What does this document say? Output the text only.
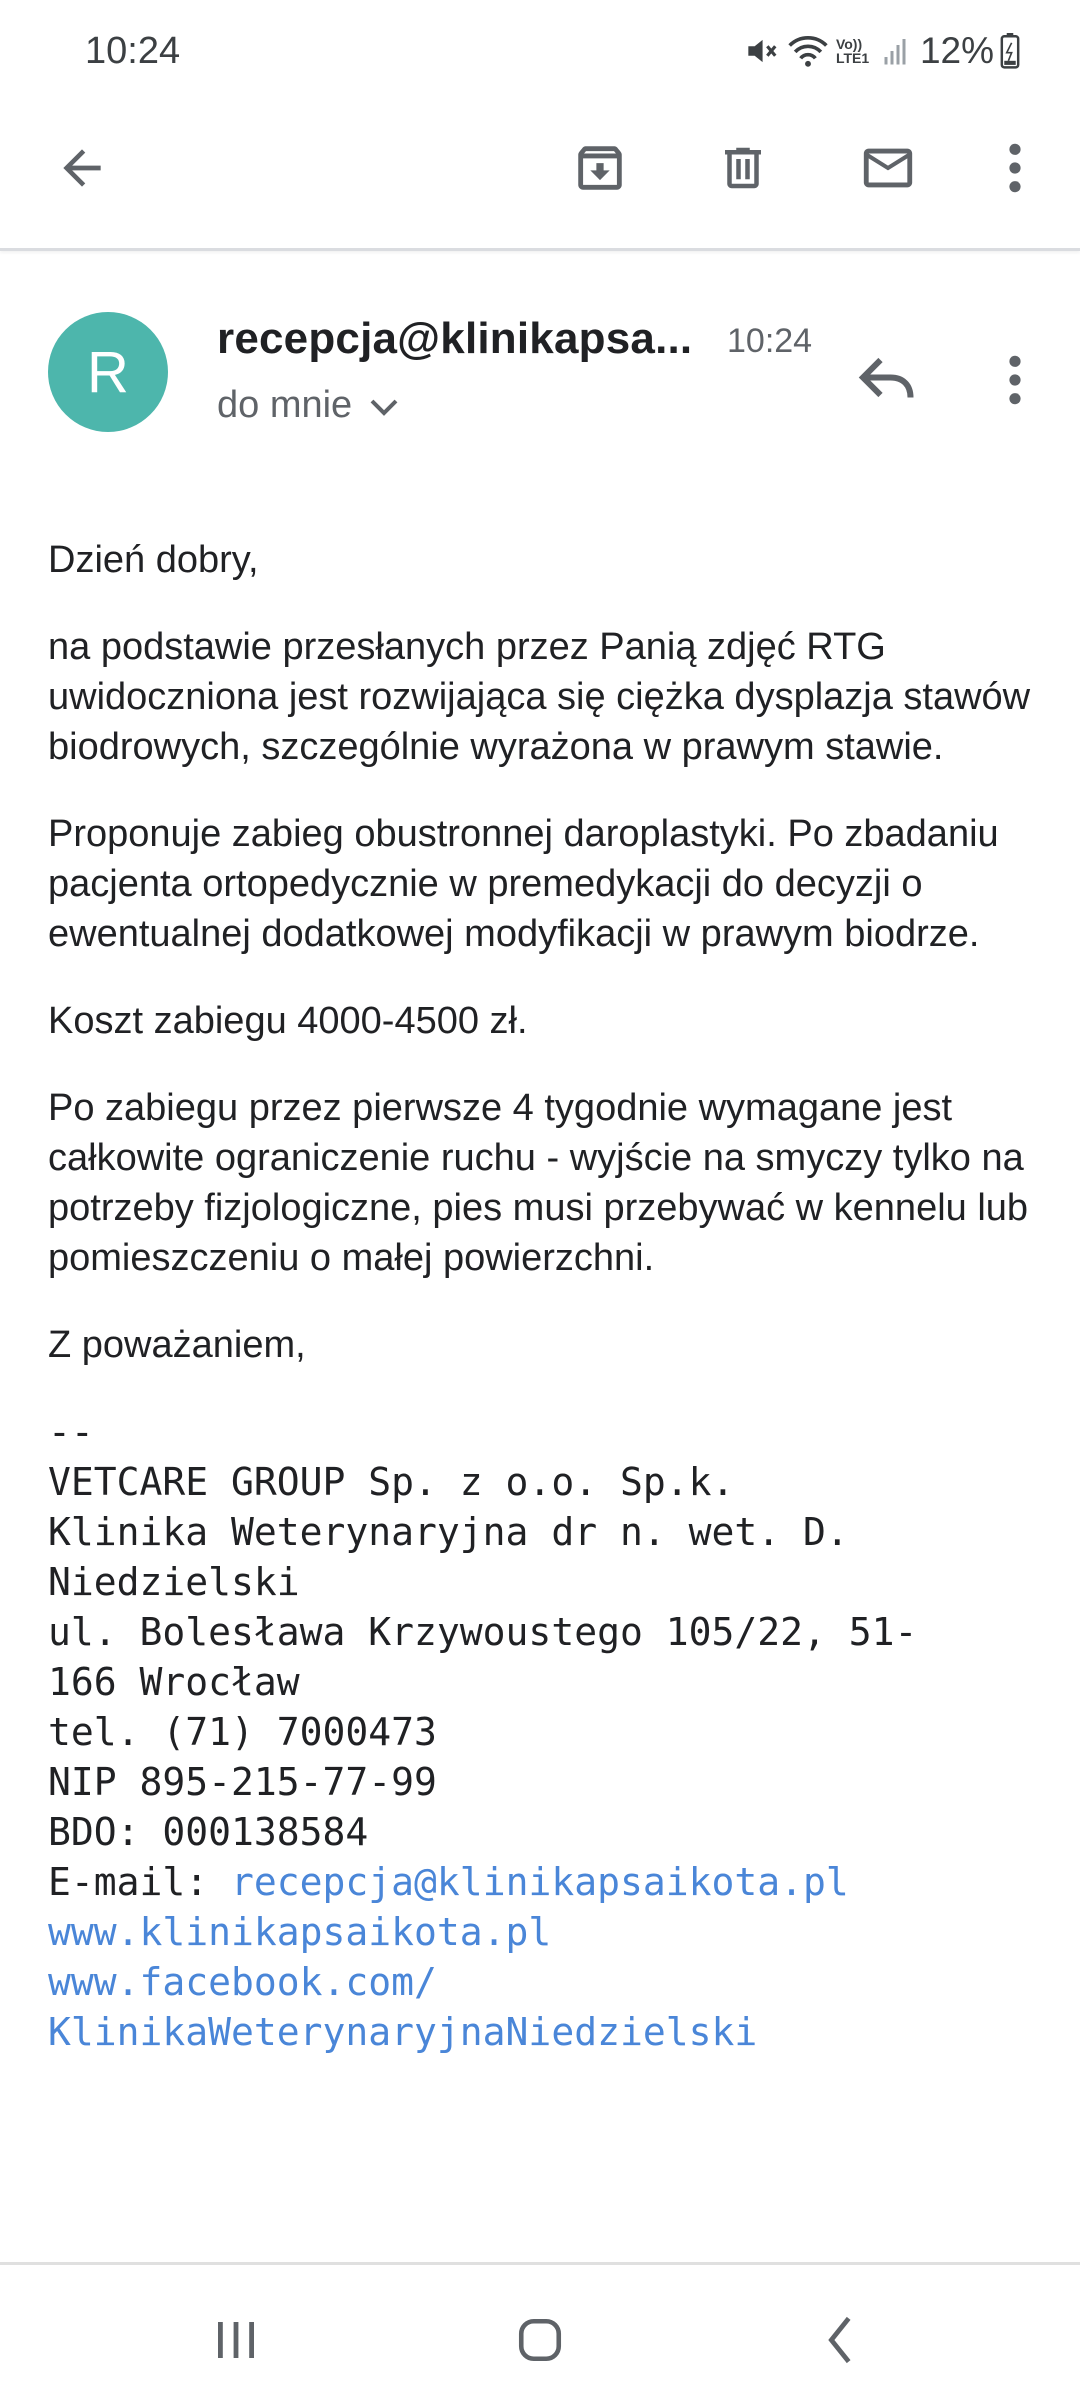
10:24	Vo)) LTE1 12%
R
recepcja@klinikapsa... 10:24
do mnie

Dzień dobry,

na podstawie przesłanych przez Panią zdjęć RTG uwidoczniona jest rozwijająca się ciężka dysplazja stawów biodrowych, szczególnie wyrażona w prawym stawie.

Proponuje zabieg obustronnej daroplastyki. Po zbadaniu pacjenta ortopedycznie w premedykacji do decyzji o ewentualnej dodatkowej modyfikacji w prawym biodrze.

Koszt zabiegu 4000-4500 zł.

Po zabiegu przez pierwsze 4 tygodnie wymagane jest całkowite ograniczenie ruchu - wyjście na smyczy tylko na potrzeby fizjologiczne, pies musi przebywać w kennelu lub pomieszczeniu o małej powierzchni.

Z poważaniem,

--
VETCARE GROUP Sp. z o.o. Sp.k.
Klinika Weterynaryjna dr n. wet. D.
Niedzielski
ul. Bolesława Krzywoustego 105/22, 51-
166 Wrocław
tel. (71) 7000473
NIP 895-215-77-99
BDO: 000138584
E-mail: recepcja@klinikapsaikota.pl
www.klinikapsaikota.pl
www.facebook.com/
KlinikaWeterynaryjnaNiedzielski
